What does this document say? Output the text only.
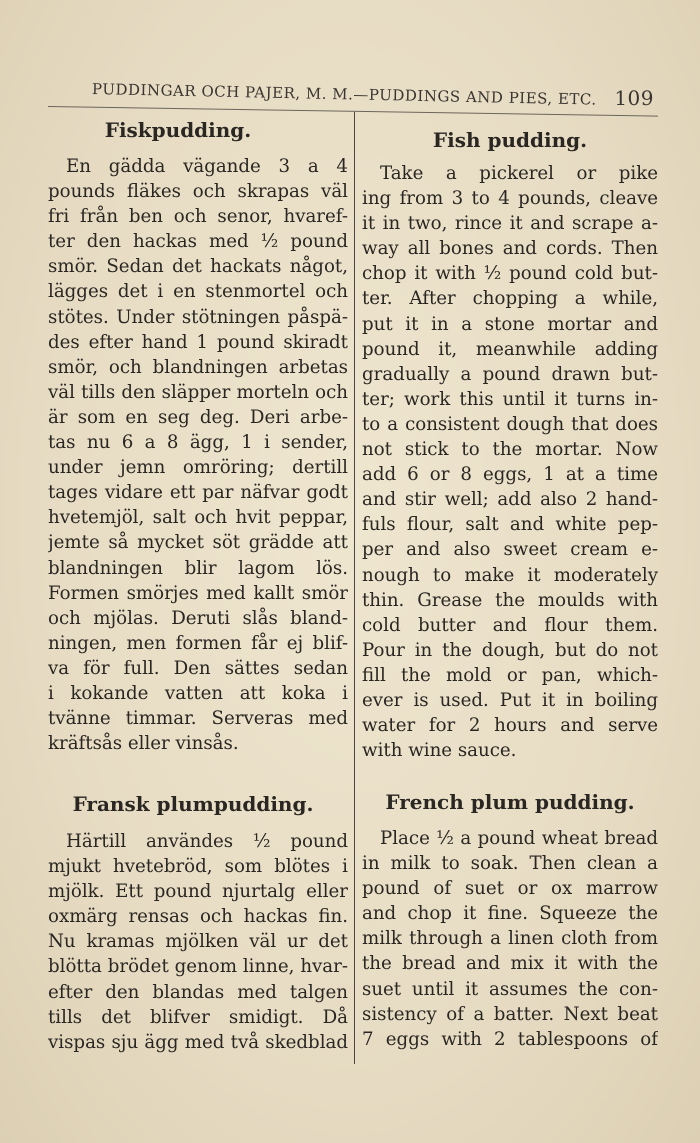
PUDDINGAR OCH PAJER, M. M.—PUDDINGS AND PIES, ETC. 109
Fiskpudding.	Fish pudding.
En gädda vägande 3 a 4
pounds fläkes och skrapas väl
fri från ben och senor, hvaref-
ter den hackas med ½ pound
smör. Sedan det hackats något,
lägges det i en stenmortel och
stötes. Under stötningen påspä-
des efter hand 1 pound skiradt
smör, och blandningen arbetas
väl tills den släpper morteln och
är som en seg deg. Deri arbe-
tas nu 6 a 8 ägg, 1 i sender,
under jemn omröring; dertill
tages vidare ett par näfvar godt
hvetemjöl, salt och hvit peppar,
jemte så mycket söt grädde att
blandningen blir lagom lös.
Formen smörjes med kallt smör
och mjölas. Deruti slås bland-
ningen, men formen får ej blif-
va för full. Den sättes sedan
i kokande vatten att koka i
tvänne timmar. Serveras med
kräftsås eller vinsås.
Take a pickerel or pike
ing from 3 to 4 pounds, cleave
it in two, rince it and scrape a-
way all bones and cords. Then
chop it with ½ pound cold but-
ter. After chopping a while,
put it in a stone mortar and
pound it, meanwhile adding
gradually a pound drawn but-
ter; work this until it turns in-
to a consistent dough that does
not stick to the mortar. Now
add 6 or 8 eggs, 1 at a time
and stir well; add also 2 hand-
fuls flour, salt and white pep-
per and also sweet cream e-
nough to make it moderately
thin. Grease the moulds with
cold butter and flour them.
Pour in the dough, but do not
fill the mold or pan, which-
ever is used. Put it in boiling
water for 2 hours and serve
with wine sauce.
Fransk plumpudding.	French plum pudding.
Härtill användes ½ pound
mjukt hvetebröd, som blötes i
mjölk. Ett pound njurtalg eller
oxmärg rensas och hackas fin.
Nu kramas mjölken väl ur det
blötta brödet genom linne, hvar-
efter den blandas med talgen
tills det blifver smidigt. Då
vispas sju ägg med två skedblad
Place ½ a pound wheat bread
in milk to soak. Then clean a
pound of suet or ox marrow
and chop it fine. Squeeze the
milk through a linen cloth from
the bread and mix it with the
suet until it assumes the con-
sistency of a batter. Next beat
7 eggs with 2 tablespoons of
